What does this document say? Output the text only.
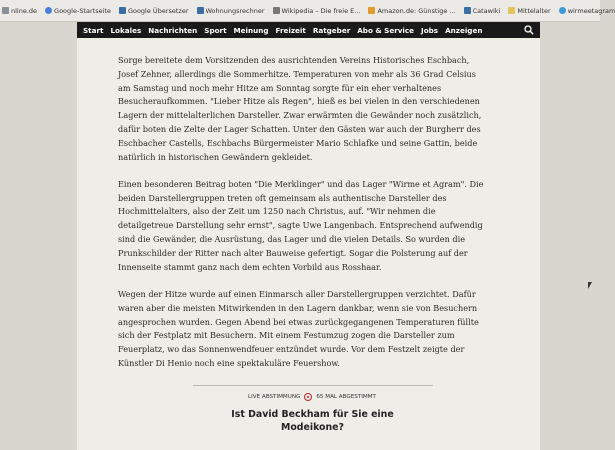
nline.de	Google-Startseite	Google Übersetzer	Wohnungsrechner	Wikipedia – Die freie E...	Amazon.de: Günstige ...	Catawiki	Mittelalter	wirmeetagram
Start Lokales Nachrichten Sport Meinung Freizeit Ratgeber Abo & Service Jobs Anzeigen

Sorge bereitete dem Vorsitzenden des ausrichtenden Vereins Historisches Eschbach, Josef Zehner, allerdings die Sommerhitze. Temperaturen von mehr als 36 Grad Celsius am Samstag und noch mehr Hitze am Sonntag sorgte für ein eher verhaltenes Besucheraufkommen. "Lieber Hitze als Regen", hieß es bei vielen in den verschiedenen Lagern der mittelalterlichen Darsteller. Zwar erwärmten die Gewänder noch zusätzlich, dafür boten die Zelte der Lager Schatten. Unter den Gästen war auch der Burgherr des Eschbacher Castells, Eschbachs Bürgermeister Mario Schlafke und seine Gattin, beide natürlich in historischen Gewändern gekleidet.

Einen besonderen Beitrag boten "Die Merklinger" und das Lager "Wirme et Agram". Die beiden Darstellergruppen treten oft gemeinsam als authentische Darsteller des Hochmittelalters, also der Zeit um 1250 nach Christus, auf. "Wir nehmen die detailgetreue Darstellung sehr ernst", sagte Uwe Langenbach. Entsprechend aufwendig sind die Gewänder, die Ausrüstung, das Lager und die vielen Details. So wurden die Prunkschilder der Ritter nach alter Bauweise gefertigt. Sogar die Polsterung auf der Innenseite stammt ganz nach dem echten Vorbild aus Rosshaar.

Wegen der Hitze wurde auf einen Einmarsch aller Darstellergruppen verzichtet. Dafür waren aber die meisten Mitwirkenden in den Lagern dankbar, wenn sie von Besuchern angesprochen wurden. Gegen Abend bei etwas zurückgegangenen Temperaturen füllte sich der Festplatz mit Besuchern. Mit einem Festumzug zogen die Darsteller zum Feuerplatz, wo das Sonnenwendfeuer entzündet wurde. Vor dem Festzelt zeigte der Künstler Di Henio noch eine spektakuläre Feuershow.

LIVE ABSTIMMUNG	65 MAL ABGESTIMMT
Ist David Beckham für Sie eine Modeikone?
